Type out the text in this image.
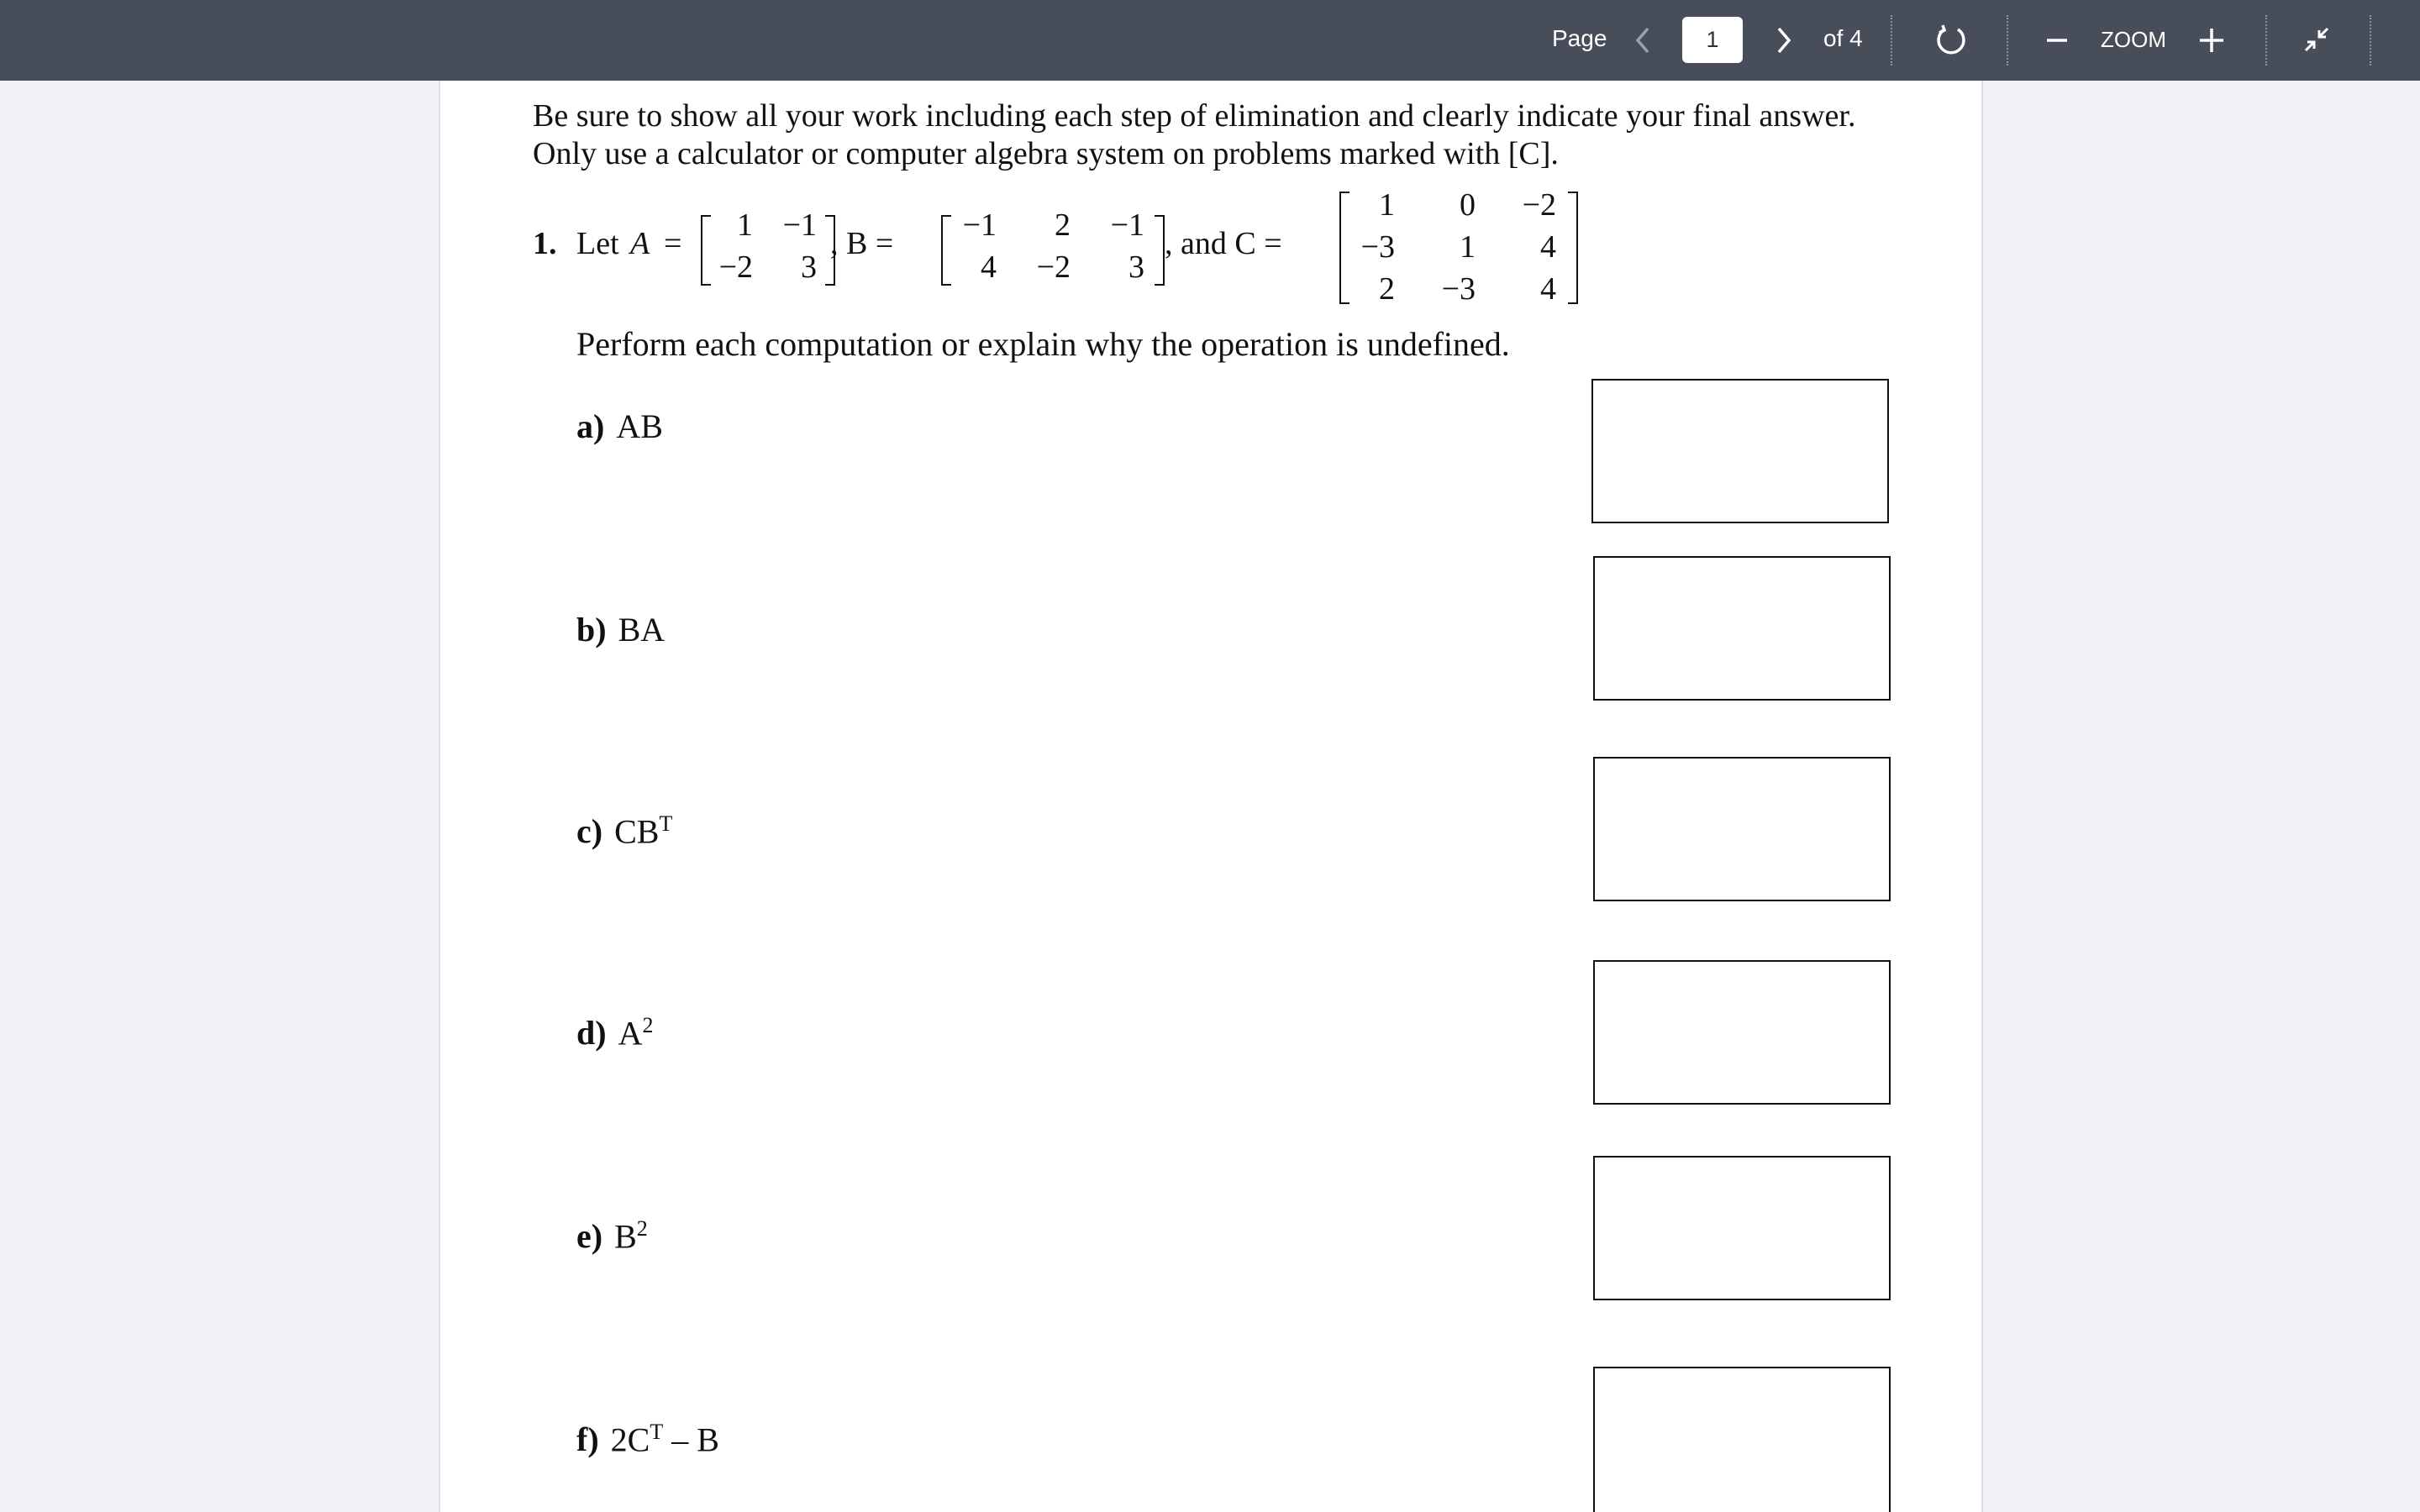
Page
1	of 4	ZOOM
Be sure to show all your work including each step of elimination and clearly indicate your final answer.
Only use a calculator or computer algebra system on problems marked with [C].
1. Let A =
1 −1
−2	3
, B =
−1	2	−1
4	−2	3
, and C =
1	0	−2
−3	1	4
2	−3	4
Perform each computation or explain why the operation is undefined.
a) AB
b) BA
c) $CB^T$
d) $A^2$
e) $B^2$
f) $2C^T$ – B
